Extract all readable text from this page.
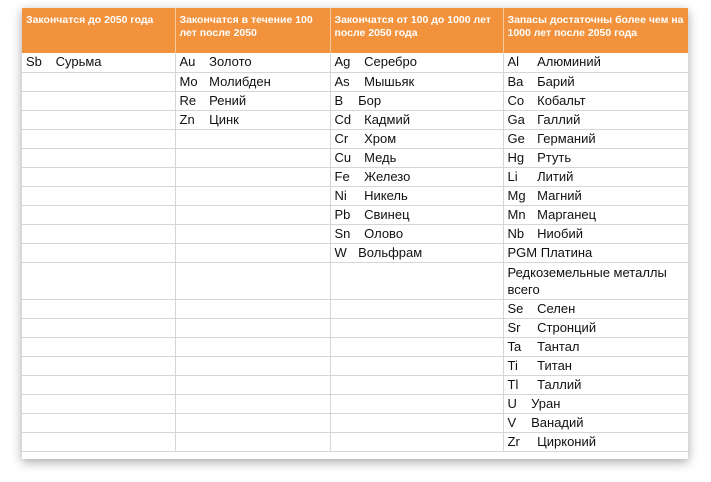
Закончатся до 2050 года	Закончатся в течение 100 лет после 2050	Закончатся от 100 до 1000 лет после 2050 года	Запасы достаточны более чем на 1000 лет после 2050 года
Sb Сурьма	Au Золото	Ag Серебро	Al Алюминий
	Mo Молибден	As Мышьяк	Ba Барий
	Re Рений	B Бор	Co Кобальт
	Zn Цинк	Cd Кадмий	Ga Галлий
		Cr Хром	Ge Германий
		Cu Медь	Hg Ртуть
		Fe Железо	Li Литий
		Ni Никель	Mg Магний
		Pb Свинец	Mn Марганец
		Sn Олово	Nb Ниобий
		W Вольфрам	PGM Платина
			Редкоземельные металлы всего
			Se Селен
			Sr Стронций
			Ta Тантал
			Ti Титан
			Tl Таллий
			U Уран
			V Ванадий
			Zr Цирконий
